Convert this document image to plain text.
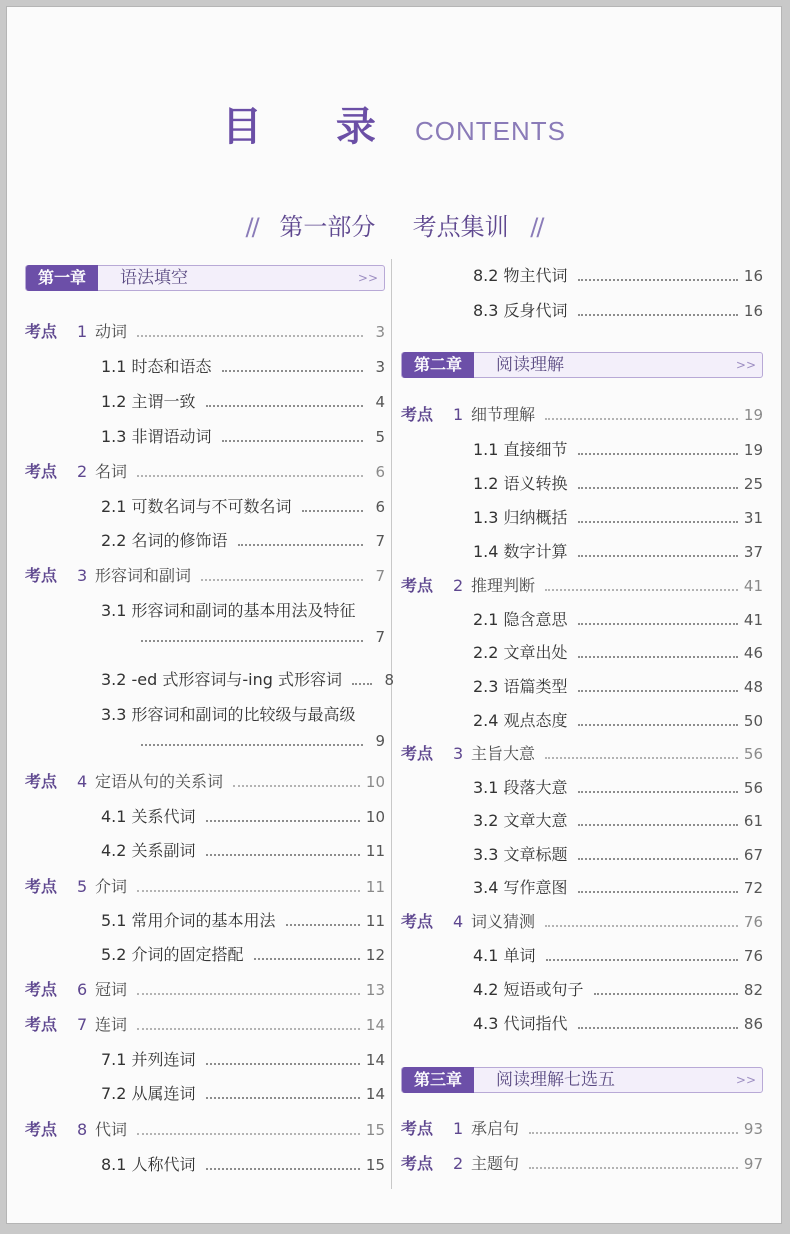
目 录 CONTENTS
// 第一部分 考点集训 //
第一章	语法填空	>>
考点	1 动词	3
1.1 时态和语态	3
1.2 主谓一致	4
1.3 非谓语动词	5
考点	2 名词	6
2.1 可数名词与不可数名词	6
2.2 名词的修饰语	7
考点	3 形容词和副词	7
3.1 形容词和副词的基本用法及特征
7
3.2 -ed 式形容词与-ing 式形容词	8
3.3 形容词和副词的比较级与最高级
9
考点	4 定语从句的关系词	10
4.1 关系代词	10
4.2 关系副词	11
考点	5 介词	11
5.1 常用介词的基本用法	11
5.2 介词的固定搭配	12
考点	6 冠词	13
考点	7 连词	14
7.1 并列连词	14
7.2 从属连词	14
考点	8 代词	15
8.1 人称代词	15
8.2 物主代词	16
8.3 反身代词	16
第二章	阅读理解	>>
考点	1 细节理解	19
1.1 直接细节	19
1.2 语义转换	25
1.3 归纳概括	31
1.4 数字计算	37
考点	2 推理判断	41
2.1 隐含意思	41
2.2 文章出处	46
2.3 语篇类型	48
2.4 观点态度	50
考点	3 主旨大意	56
3.1 段落大意	56
3.2 文章大意	61
3.3 文章标题	67
3.4 写作意图	72
考点	4 词义猜测	76
4.1 单词	76
4.2 短语或句子	82
4.3 代词指代	86
第三章	阅读理解七选五	>>
考点	1 承启句	93
考点	2 主题句	97
